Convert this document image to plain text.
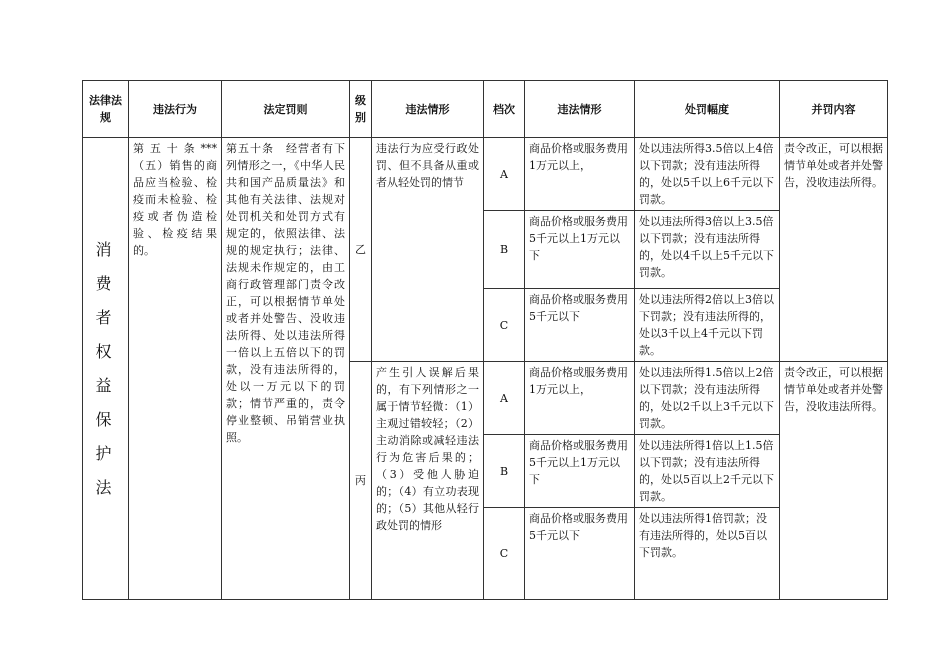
法律法规	违法行为	法定罚则	级别	违法情形	档次	违法情形	处罚幅度	并罚内容
消费者权益保护法	第五十条***（五）销售的商品应当检验、检疫而未检验、检疫或者伪造检验、检疫结果的。	第五十条　经营者有下列情形之一，《中华人民共和国产品质量法》和其他有关法律、法规对处罚机关和处罚方式有规定的，依照法律、法规的规定执行；法律、法规未作规定的，由工商行政管理部门责令改正，可以根据情节单处或者并处警告、没收违法所得、处以违法所得一倍以上五倍以下的罚款，没有违法所得的，处以一万元以下的罚款；情节严重的，责令停业整顿、吊销营业执照。	乙	违法行为应受行政处罚、但不具备从重或者从轻处罚的情节	A	商品价格或服务费用1万元以上，	处以违法所得3.5倍以上4倍以下罚款；没有违法所得的，处以5千以上6千元以下罚款。	责令改正，可以根据情节单处或者并处警告，没收违法所得。
					B	商品价格或服务费用5千元以上1万元以下	处以违法所得3倍以上3.5倍以下罚款；没有违法所得的，处以4千以上5千元以下罚款。	
					C	商品价格或服务费用5千元以下	处以违法所得2倍以上3倍以下罚款；没有违法所得的，处以3千以上4千元以下罚款。	
			丙	产生引人误解后果的，有下列情形之一属于情节轻微：（1）主观过错较轻；（2）主动消除或减轻违法行为危害后果的；（3）受他人胁迫的；（4）有立功表现的；（5）其他从轻行政处罚的情形	A	商品价格或服务费用1万元以上，	处以违法所得1.5倍以上2倍以下罚款；没有违法所得的，处以2千以上3千元以下罚款。	责令改正，可以根据情节单处或者并处警告，没收违法所得。
					B	商品价格或服务费用5千元以上1万元以下	处以违法所得1倍以上1.5倍以下罚款；没有违法所得的，处以5百以上2千元以下罚款。	
					C	商品价格或服务费用5千元以下	处以违法所得1倍罚款；没有违法所得的，处以5百以下罚款。	
